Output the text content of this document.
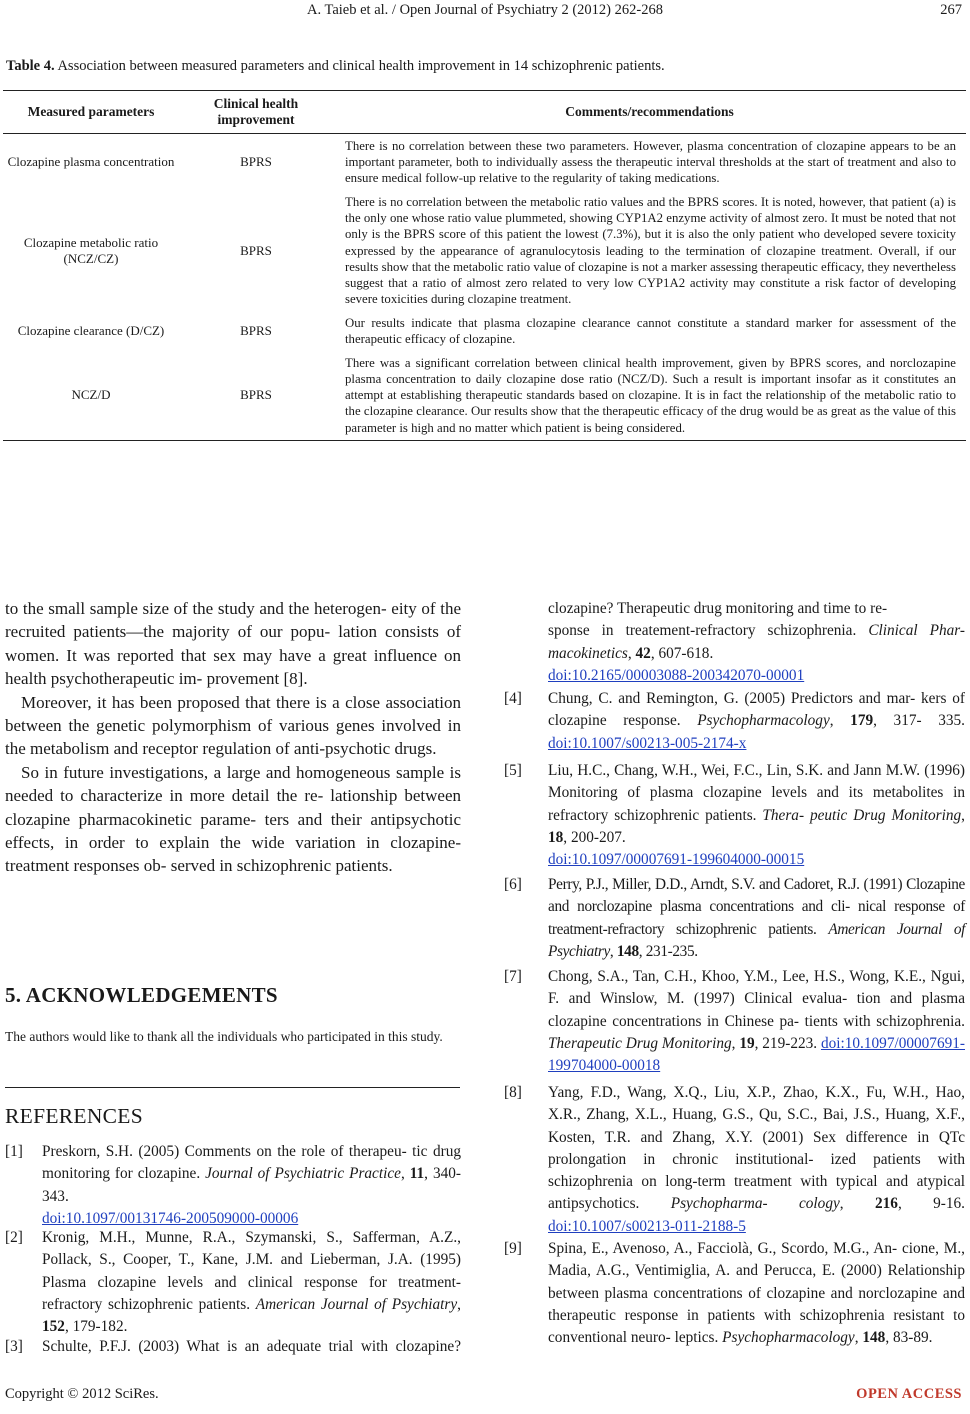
A. Taieb et al. / Open Journal of Psychiatry 2 (2012) 262-268	267
Table 4. Association between measured parameters and clinical health improvement in 14 schizophrenic patients.
Measured parameters	Clinical health improvement	Comments/recommendations
Clozapine plasma concentration	BPRS	There is no correlation between these two parameters. However, plasma concentration of clozapine appears to be an important parameter, both to individually assess the therapeutic interval thresholds at the start of treatment and also to ensure medical follow-up relative to the regularity of taking medications.
Clozapine metabolic ratio (NCZ/CZ)	BPRS	There is no correlation between the metabolic ratio values and the BPRS scores. It is noted, however, that patient (a) is the only one whose ratio value plummeted, showing CYP1A2 enzyme activity of almost zero. It must be noted that not only is the BPRS score of this patient the lowest (7.3%), but it is also the only patient who developed severe toxicity expressed by the appearance of agranulocytosis leading to the termination of clozapine treatment. Overall, if our results show that the metabolic ratio value of clozapine is not a marker assessing therapeutic efficacy, they nevertheless suggest that a ratio of almost zero related to very low CYP1A2 activity may constitute a risk factor of developing severe toxicities during clozapine treatment.
Clozapine clearance (D/CZ)	BPRS	Our results indicate that plasma clozapine clearance cannot constitute a standard marker for assessment of the therapeutic efficacy of clozapine.
NCZ/D	BPRS	There was a significant correlation between clinical health improvement, given by BPRS scores, and norclozapine plasma concentration to daily clozapine dose ratio (NCZ/D). Such a result is important insofar as it constitutes an attempt at establishing therapeutic standards based on clozapine. It is in fact the relationship of the metabolic ratio to the clozapine clearance. Our results show that the therapeutic efficacy of the drug would be as great as the value of this parameter is high and no matter which patient is being considered.

to the small sample size of the study and the heterogen- eity of the recruited patients—the majority of our popu- lation consists of women. It was reported that sex may have a great influence on health psychotherapeutic im- provement [8].

Moreover, it has been proposed that there is a close association between the genetic polymorphism of various genes involved in the metabolism and receptor regulation of anti-psychotic drugs.

So in future investigations, a large and homogeneous sample is needed to characterize in more detail the re- lationship between clozapine pharmacokinetic parame- ters and their antipsychotic effects, in order to explain the wide variation in clozapine-treatment responses ob- served in schizophrenic patients.

5. ACKNOWLEDGEMENTS
The authors would like to thank all the individuals who participated in this study.
REFERENCES
[1] Preskorn, S.H. (2005) Comments on the role of therapeu- tic drug monitoring for clozapine. Journal of Psychiatric Practice, 11, 340-343.
doi:10.1097/00131746-200509000-00006
[2] Kronig, M.H., Munne, R.A., Szymanski, S., Safferman, A.Z., Pollack, S., Cooper, T., Kane, J.M. and Lieberman, J.A. (1995) Plasma clozapine levels and clinical response for treatment-refractory schizophrenic patients. American Journal of Psychiatry, 152, 179-182.
[3] Schulte, P.F.J. (2003) What is an adequate trial with clozapine?
clozapine? Therapeutic drug monitoring and time to re-
sponse in treatement-refractory schizophrenia. Clinical Phar- macokinetics, 42, 607-618.
doi:10.2165/00003088-200342070-00001
[4] Chung, C. and Remington, G. (2005) Predictors and mar- kers of clozapine response. Psychopharmacology, 179, 317- 335. doi:10.1007/s00213-005-2174-x
[5] Liu, H.C., Chang, W.H., Wei, F.C., Lin, S.K. and Jann M.W. (1996) Monitoring of plasma clozapine levels and its metabolites in refractory schizophrenic patients. Thera- peutic Drug Monitoring, 18, 200-207.
doi:10.1097/00007691-199604000-00015
[6] Perry, P.J., Miller, D.D., Arndt, S.V. and Cadoret, R.J. (1991) Clozapine and norclozapine plasma concentrations and cli- nical response of treatment-refractory schizophrenic patients. American Journal of Psychiatry, 148, 231-235.
[7] Chong, S.A., Tan, C.H., Khoo, Y.M., Lee, H.S., Wong, K.E., Ngui, F. and Winslow, M. (1997) Clinical evalua- tion and plasma clozapine concentrations in Chinese pa- tients with schizophrenia. Therapeutic Drug Monitoring, 19, 219-223. doi:10.1097/00007691-199704000-00018
[8] Yang, F.D., Wang, X.Q., Liu, X.P., Zhao, K.X., Fu, W.H., Hao, X.R., Zhang, X.L., Huang, G.S., Qu, S.C., Bai, J.S., Huang, X.F., Kosten, T.R. and Zhang, X.Y. (2001) Sex difference in QTc prolongation in chronic institutional- ized patients with schizophrenia on long-term treatment with typical and atypical antipsychotics. Psychopharma- cology, 216, 9-16. doi:10.1007/s00213-011-2188-5
[9] Spina, E., Avenoso, A., Facciolà, G., Scordo, M.G., An- cione, M., Madia, A.G., Ventimiglia, A. and Perucca, E. (2000) Relationship between plasma concentrations of clozapine and norclozapine and therapeutic response in patients with schizophrenia resistant to conventional neuro- leptics. Psychopharmacology, 148, 83-89.
Copyright © 2012 SciRes.	OPEN ACCESS
